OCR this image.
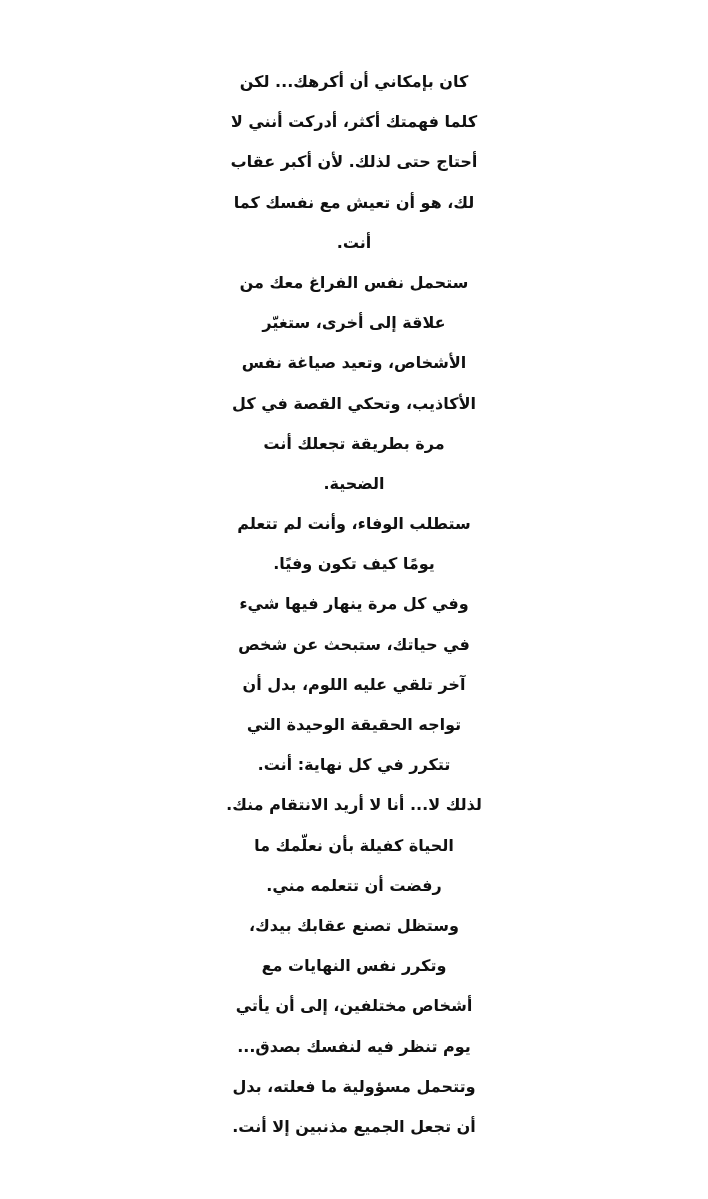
كان بإمكاني أن أكرهك... لكن
كلما فهمتك أكثر، أدركت أنني لا
أحتاج حتى لذلك. لأن أكبر عقاب
لك، هو أن تعيش مع نفسك كما
أنت.
ستحمل نفس الفراغ معك من
علاقة إلى أخرى، ستغيّر
الأشخاص، وتعيد صياغة نفس
الأكاذيب، وتحكي القصة في كل
مرة بطريقة تجعلك أنت
الضحية.
ستطلب الوفاء، وأنت لم تتعلم
يومًا كيف تكون وفيًا.
وفي كل مرة ينهار فيها شيء
في حياتك، ستبحث عن شخص
آخر تلقي عليه اللوم، بدل أن
تواجه الحقيقة الوحيدة التي
تتكرر في كل نهاية: أنت.
لذلك لا... أنا لا أريد الانتقام منك.
الحياة كفيلة بأن نعلّمك ما
رفضت أن تتعلمه مني.
وستظل تصنع عقابك بيدك،
وتكرر نفس النهايات مع
أشخاص مختلفين، إلى أن يأتي
يوم تنظر فيه لنفسك بصدق...
وتتحمل مسؤولية ما فعلته، بدل
أن تجعل الجميع مذنبين إلا أنت.
